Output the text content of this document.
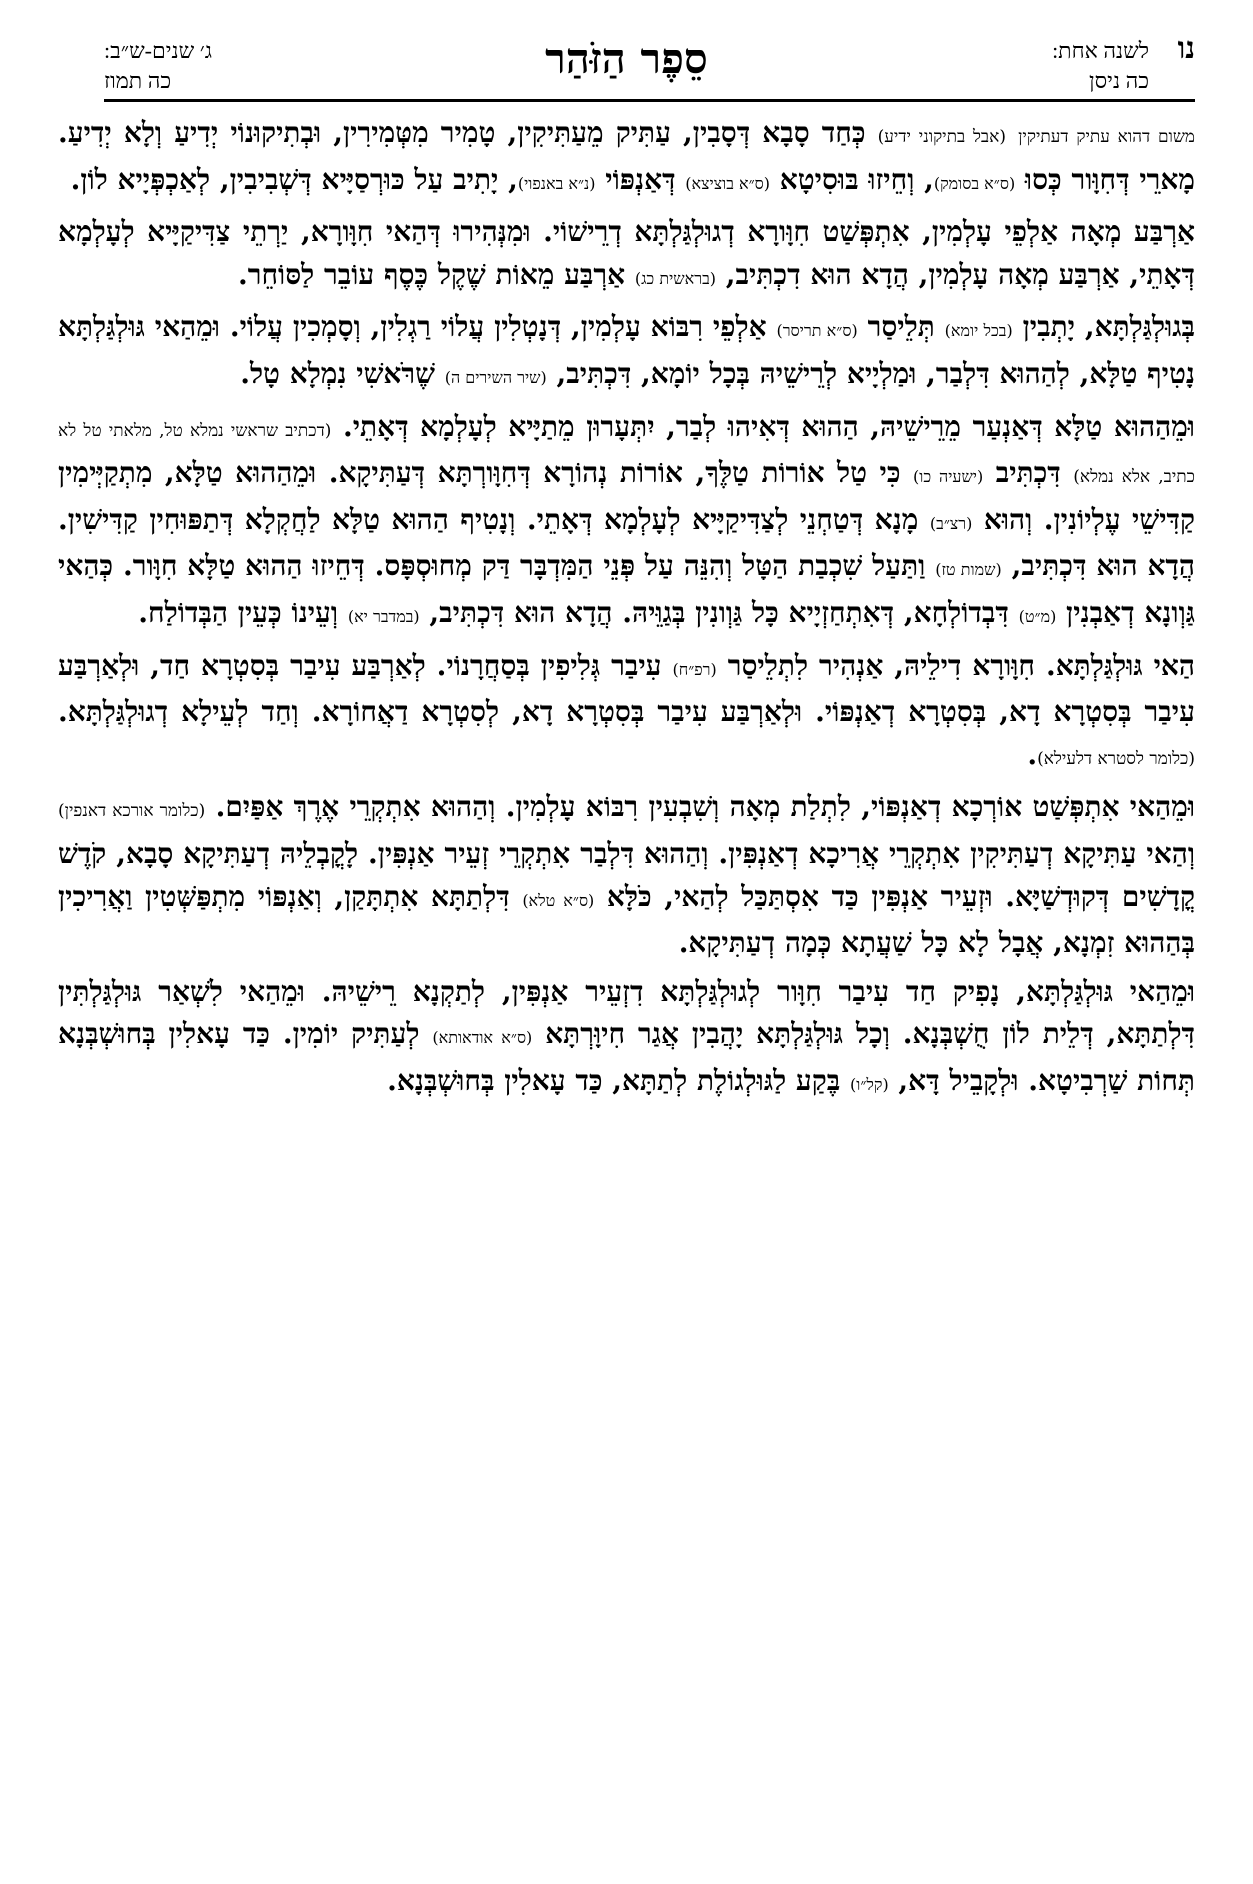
נו
לשנה אחת:
כה ניסן
סֵפֶר הַזֹּהַר
ג׳ שנים-ש״ב:
כה תמוז

משום דהוא עתיק דעתיקין (אבל בתיקוני ידיע) כְּחַד סָבָא דְּסָבִין, עַתִּיק מֵעַתִּיקִין, טָמִיר מִטְּמִירִין, וּבְתִיקוּנוֹי יְדִיעַ וְלָא יְדִיעַ. מָארֵי דְּחִוָּור כְּסוּ (ס״א בסומק), וְחֵיזוּ בּוּסִיטָא (ס״א בוציצא) דְּאַנְפּוֹי (נ״א באנפוי), יָתִיב עַל כּוּרְסַיָּיא דְּשְׁבִיבִין, לְאַכְפְּיָיא לוֹן.

אַרְבַּע מְאָה אַלְפֵי עָלְמִין, אִתְפְּשַׁט חִוָּורָא דְגוּלְגַּלְתָּא דְרֵישׁוֹי. וּמִנְּהִירוּ דְּהַאי חִוָּורָא, יַרְתֵי צַדִּיקַיָּיא לְעָלְמָא דְּאָתֵי, אַרְבַּע מְאָה עָלְמִין, הֲדָא הוּא דִכְתִּיב, (בראשית כג) אַרְבַּע מֵאוֹת שֶׁקֶל כֶּסֶף עוֹבֵר לַסּוֹחֵר.

בְּגוּלְגַּלְתָּא, יָתְבִין (בכל יומא) תְּלֵיסַר (ס״א תריסר) אַלְפֵי רִבּוֹא עָלְמִין, דְּנָטְלִין עֲלוֹי רַגְלִין, וְסָמְכִין עֲלוֹי. וּמֵהַאי גּוּלְגַּלְתָּא נָטִיף טַלָּא, לְהַהוּא דִּלְבַר, וּמַלְיָיא לְרֵישֵׁיהּ בְּכָל יוֹמָא, דִּכְתִּיב, (שיר השירים ה) שֶׁרֹּאשִׁי נִמְלָא טָל.

וּמֵהַהוּא טַלָּא דְּאַנְעַר מֵרֵישֵׁיהּ, הַהוּא דְּאִיהוּ לְבַר, יִתְּעָרוּן מֵתַיָּיא לְעָלְמָא דְּאָתֵי. (דכתיב שראשי נמלא טל, מלאתי טל לא כתיב, אלא נמלא) דִּכְתִּיב (ישעיה כו) כִּי טַל אוֹרוֹת טַלֶּךָ, אוֹרוֹת נְהוֹרָא דְּחִוָּורְתָּא דְּעַתִּיקָא. וּמֵהַהוּא טַלָּא, מִתְקַיְּימִין קַדִּישֵׁי עֶלְיוֹנִין. וְהוּא (רצ״ב) מָנָא דְּטַחְנֵי לְצַדִּיקַיָּיא לְעָלְמָא דְּאָתֵי. וְנָטִיף הַהוּא טַלָּא לַחֲקְלָא דְּתַפּוּחִין קַדִּישִׁין. הֲדָא הוּא דִּכְתִּיב, (שמות טז) וַתַּעַל שִׁכְבַת הַטָּל וְהִנֵּה עַל פְּנֵי הַמִּדְבָּר דַּק מְחוּסְפָּס. דְּחֵיזוּ הַהוּא טַלָּא חִוָּור. כְּהַאי גַּוְונָא דְאַבְנִין (מ״ט) דִּבְדוֹלְחָא, דְּאִתְחַזְיָיא כָּל גַּוְונִין בְּגַוֵּיהּ. הֲדָא הוּא דִּכְתִּיב, (במדבר יא) וְעֵינוֹ כְּעֵין הַבְּדוֹלַח.

הַאי גּוּלְגַּלְתָּא. חִוָּורָא דִילֵיהּ, אַנְהִיר לִתְלֵיסַר (רפ״ח) עִיבַר גְּלִיפִין בְּסַחֲרָנוֹי. לְאַרְבַּע עִיבַר בְּסִטְרָא חַד, וּלְאַרְבַּע עִיבַר בְּסִטְרָא דָא, בְּסִטְרָא דְאַנְפּוֹי. וּלְאַרְבַּע עִיבַר בְּסִטְרָא דָא, לְסִטְרָא דַאֲחוֹרָא. וְחַד לְעֵילָא דְגוּלְגַּלְתָּא. (כלומר לסטרא דלעילא).

וּמֵהַאי אִתְפְּשַׁט אוֹרְכָא דְאַנְפּוֹי, לִתְלַת מְאָה וְשִׁבְעִין רִבּוֹא עָלְמִין. וְהַהוּא אִתְקְרֵי אֶרֶךְ אַפַּיִם. (כלומר אורכא דאנפין) וְהַאי עַתִּיקָא דְעַתִּיקִין אִתְקְרֵי אֲרִיכָא דְאַנְפִּין. וְהַהוּא דִּלְבַר אִתְקְרֵי זְעֵיר אַנְפִּין. לָקֳבְלֵיהּ דְעַתִּיקָא סָבָא, קֹדֶשׁ קֳדָשִׁים דְּקוּדְשַׁיָּא. וּזְעֵיר אַנְפִּין כַּד אִסְתַּכַּל לְהַאי, כֹּלָּא (ס״א טלא) דִּלְתַתָּא אִתְתָּקַן, וְאַנְפּוֹי מִתְפַּשְּׁטִין וַאֲרִיכִין בְּהַהוּא זִמְנָא, אֲבָל לָא כָּל שַׁעֲתָא כְּמָה דְעַתִּיקָא.

וּמֵהַאי גּוּלְגַּלְתָּא, נָפִיק חַד עִיבַר חִוָּור לְגוּלְגַּלְתָּא דִזְעֵיר אַנְפִּין, לְתַקְנָא רֵישֵׁיהּ. וּמֵהַאי לִשְׁאַר גּוּלְגַּלְתִּין דִּלְתַתָּא, דְּלֵית לוֹן חֻשְׁבְּנָא. וְכָל גּוּלְגַּלְתָּא יָהֲבִין אֲגַר חִיוָּרְתָּא (ס״א אודאותא) לְעַתִּיק יוֹמִין. כַּד עָאלִין בְּחוּשְׁבְּנָא תְּחוֹת שַׁרְבִיטָא. וּלְקָבֵיל דָּא, (קל״ו) בֶּקַע לַגּוּלְגוֹלֶת לְתַתָּא, כַּד עָאלִין בְּחוּשְׁבְּנָא.
